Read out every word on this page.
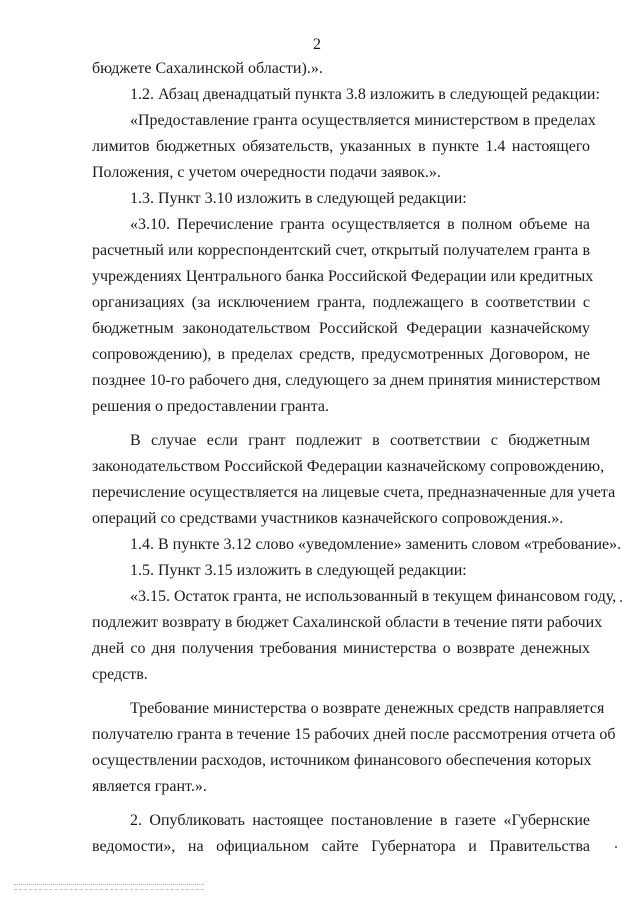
2

бюджете Сахалинской области).».

1.2. Абзац двенадцатый пункта 3.8 изложить в следующей редакции:

«Предоставление гранта осуществляется министерством в пределах
лимитов бюджетных обязательств, указанных в пункте 1.4 настоящего
Положения, с учетом очередности подачи заявок.».

1.3. Пункт 3.10 изложить в следующей редакции:

«3.10. Перечисление гранта осуществляется в полном объеме на
расчетный или корреспондентский счет, открытый получателем гранта в
учреждениях Центрального банка Российской Федерации или кредитных
организациях (за исключением гранта, подлежащего в соответствии с
бюджетным законодательством Российской Федерации казначейскому
сопровождению), в пределах средств, предусмотренных Договором, не
позднее 10-го рабочего дня, следующего за днем принятия министерством
решения о предоставлении гранта.

В случае если грант подлежит в соответствии с бюджетным
законодательством Российской Федерации казначейскому сопровождению,
перечисление осуществляется на лицевые счета, предназначенные для учета
операций со средствами участников казначейского сопровождения.».

1.4. В пункте 3.12 слово «уведомление» заменить словом «требование».

1.5. Пункт 3.15 изложить в следующей редакции:

«3.15. Остаток гранта, не использованный в текущем финансовом году,
подлежит возврату в бюджет Сахалинской области в течение пяти рабочих
дней со дня получения требования министерства о возврате денежных
средств.

Требование министерства о возврате денежных средств направляется
получателю гранта в течение 15 рабочих дней после рассмотрения отчета об
осуществлении расходов, источником финансового обеспечения которых
является грант.».

2. Опубликовать настоящее постановление в газете «Губернские
ведомости», на официальном сайте Губернатора и Правительства
